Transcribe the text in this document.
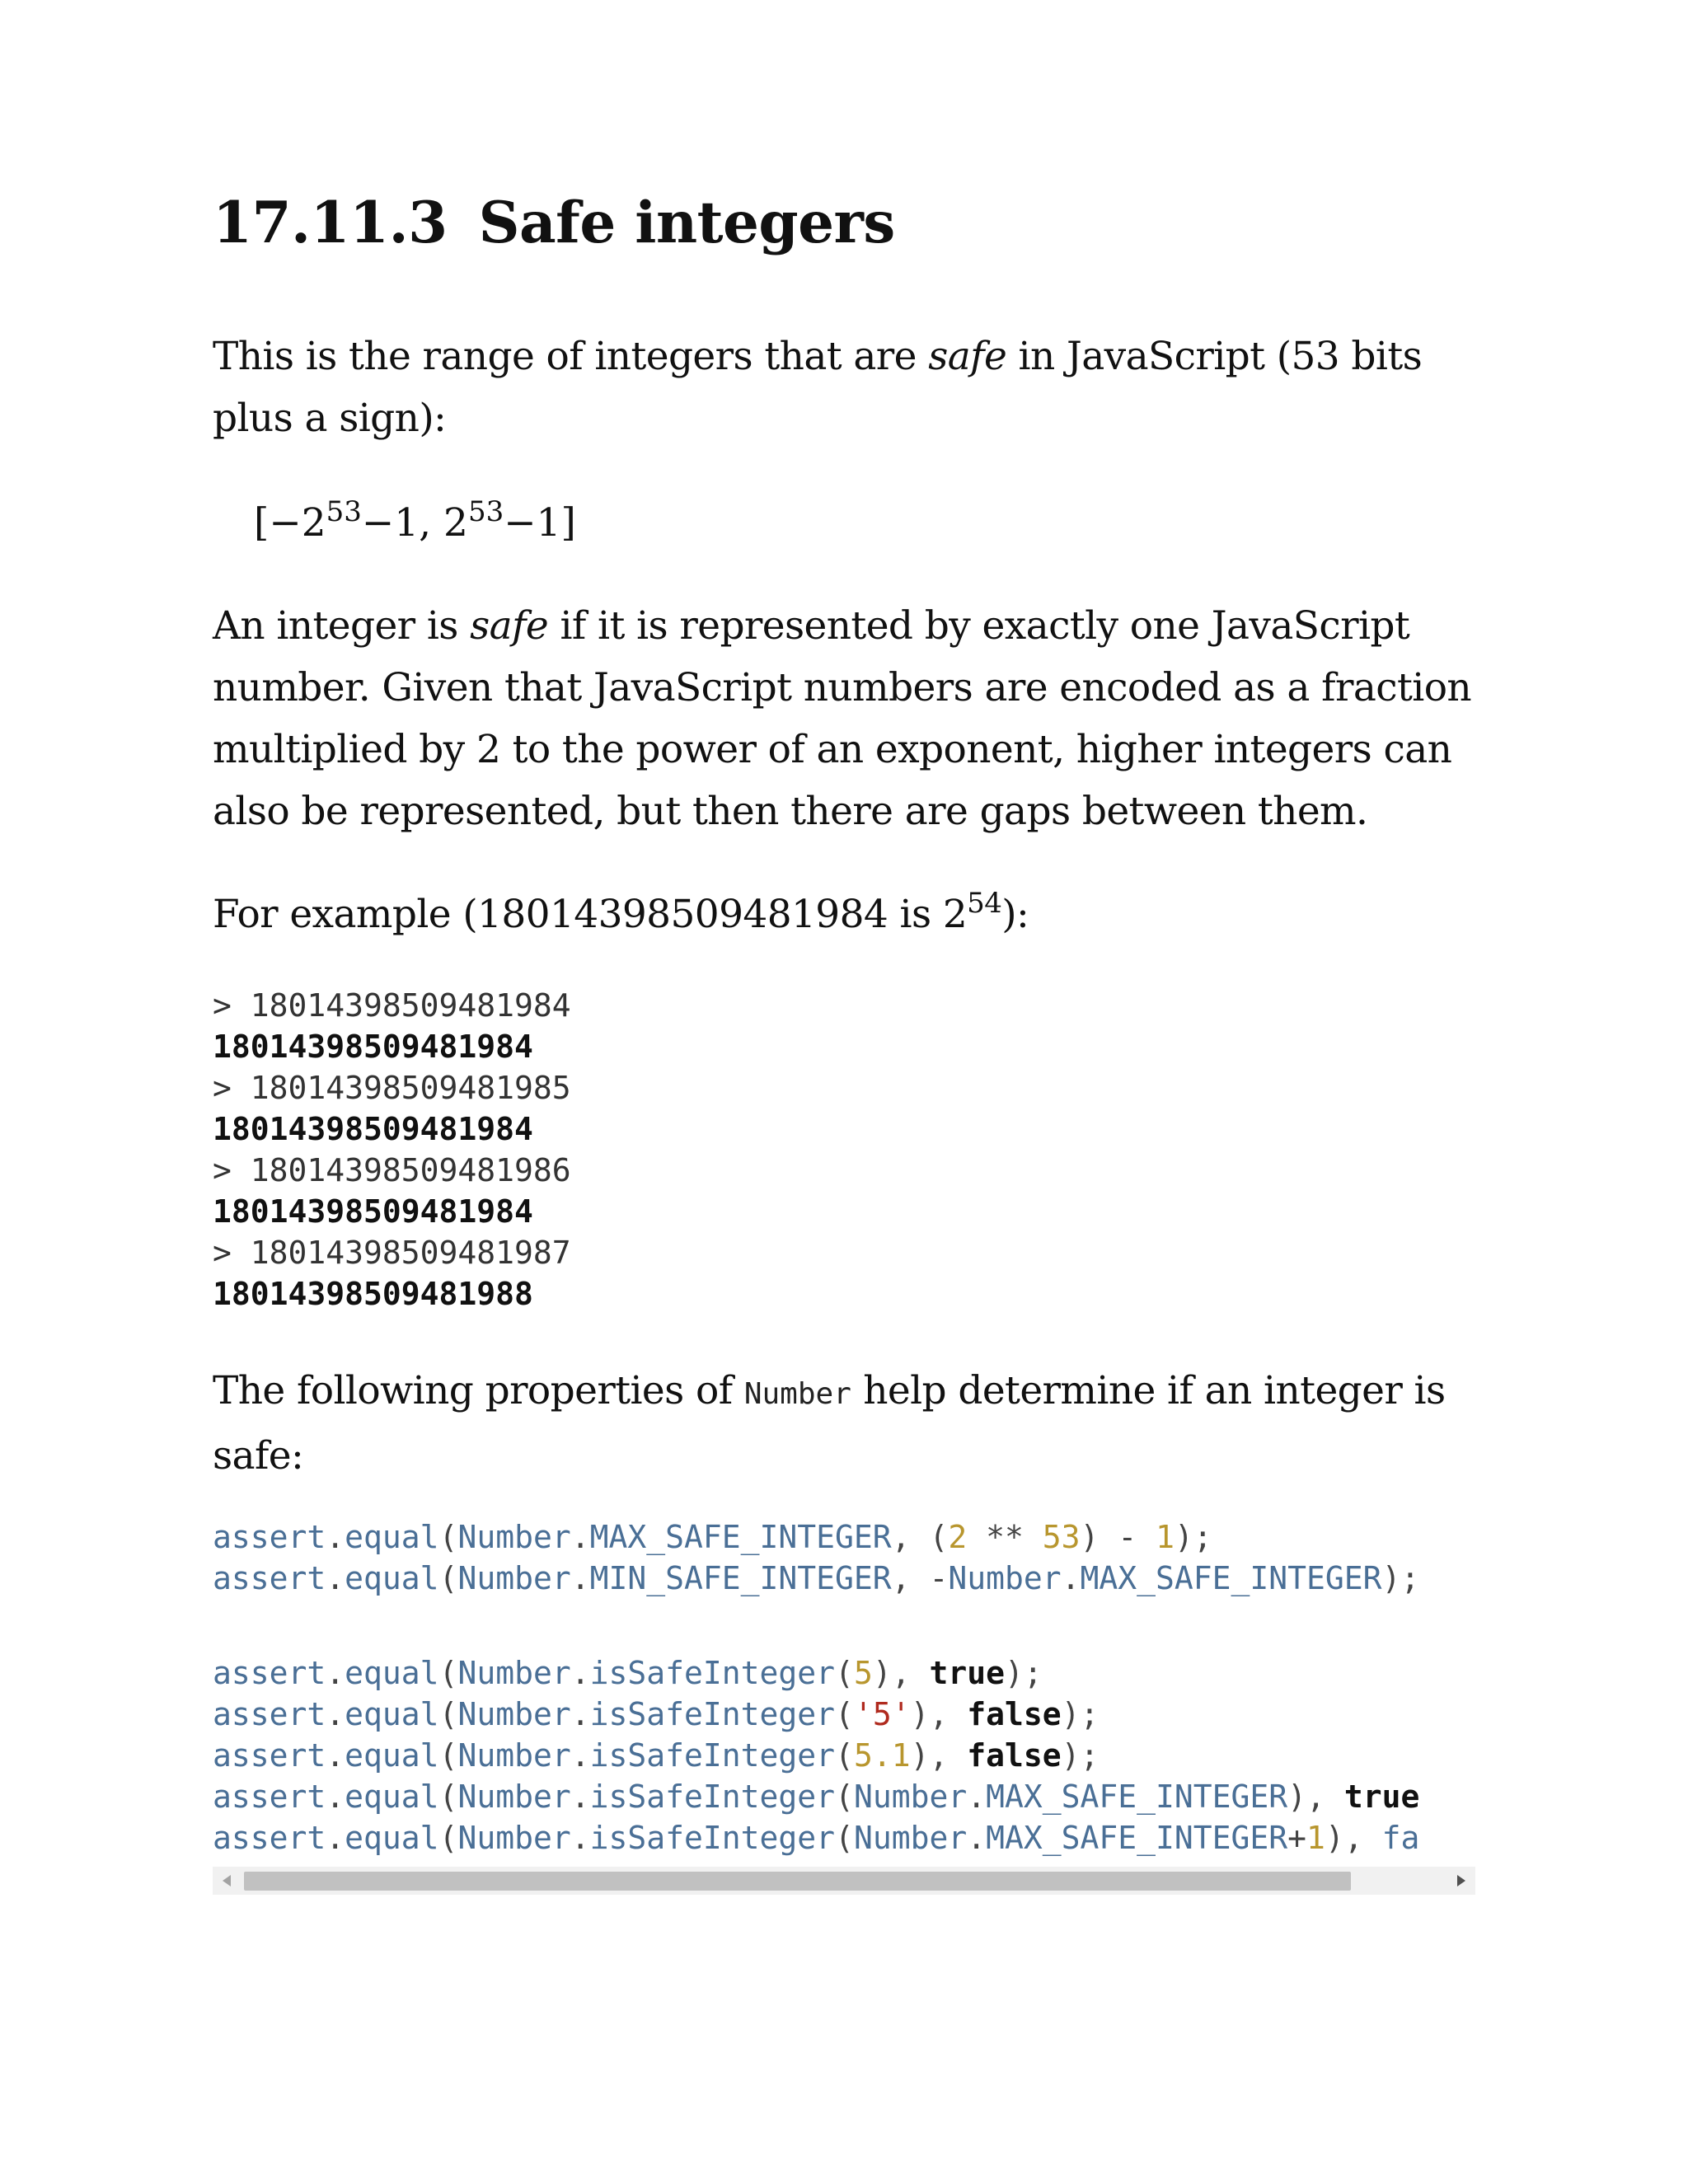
17.11.3 Safe integers

This is the range of integers that are safe in JavaScript (53 bits plus a sign):

[$-2^{53}-1$, $2^{53}-1$]

An integer is safe if it is represented by exactly one JavaScript number. Given that JavaScript numbers are encoded as a fraction multiplied by 2 to the power of an exponent, higher integers can also be represented, but then there are gaps between them.

For example (18014398509481984 is $2^{54}$):

> 18014398509481984
18014398509481984
> 18014398509481985
18014398509481984
> 18014398509481986
18014398509481984
> 18014398509481987
18014398509481988

The following properties of Number help determine if an integer is safe:

assert.equal(Number.MAX_SAFE_INTEGER, (2 ** 53) - 1);
assert.equal(Number.MIN_SAFE_INTEGER, -Number.MAX_SAFE_INTEGER);
assert.equal(Number.isSafeInteger(5), true);
assert.equal(Number.isSafeInteger('5'), false);
assert.equal(Number.isSafeInteger(5.1), false);
assert.equal(Number.isSafeInteger(Number.MAX_SAFE_INTEGER), true
assert.equal(Number.isSafeInteger(Number.MAX_SAFE_INTEGER+1), fa
